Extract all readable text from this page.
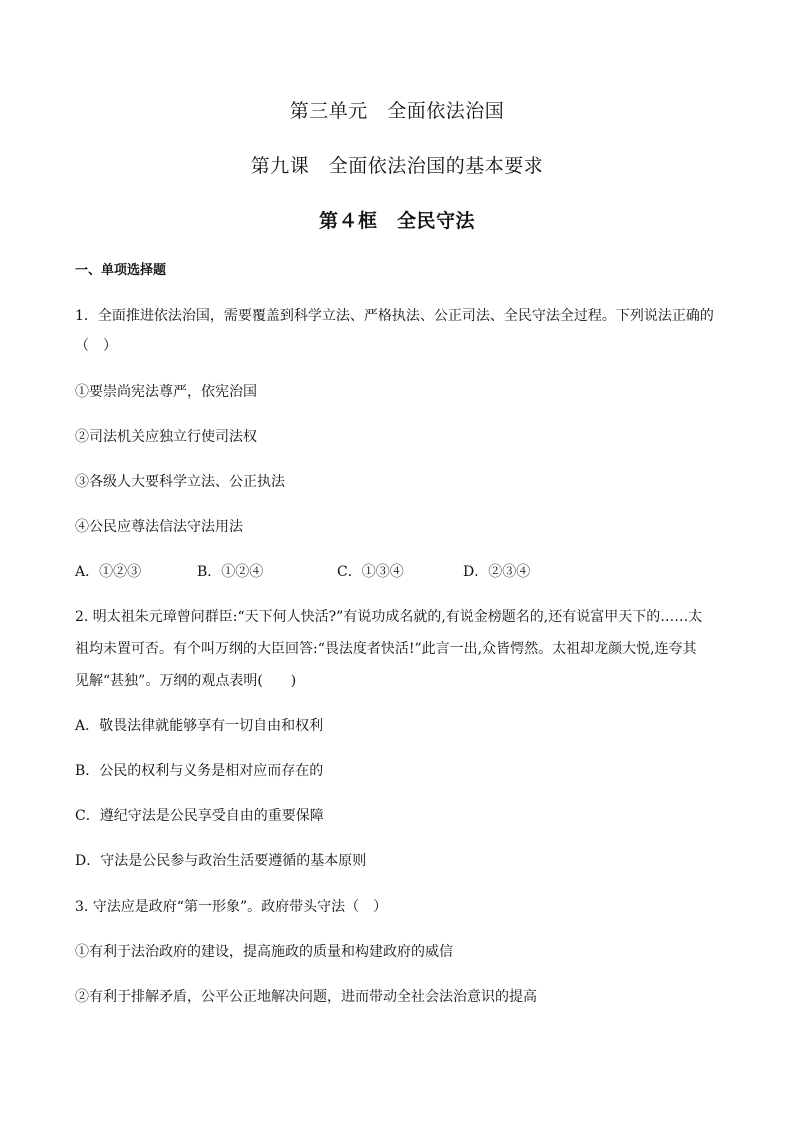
第三单元　全面依法治国
第九课　全面依法治国的基本要求
第４框　全民守法
一、单项选择题
1．全面推进依法治国，需要覆盖到科学立法、严格执法、公正司法、全民守法全过程。下列说法正确的
（　）
①要崇尚宪法尊严，依宪治国
②司法机关应独立行使司法权
③各级人大要科学立法、公正执法
④公民应尊法信法守法用法
A．①②③	B．①②④	C．①③④	D．②③④
2. 明太祖朱元璋曾问群臣:“天下何人快活?”有说功成名就的,有说金榜题名的,还有说富甲天下的……太
祖均未置可否。有个叫万纲的大臣回答:“畏法度者快活!”此言一出,众皆愕然。太祖却龙颜大悦,连夸其
见解“甚独”。万纲的观点表明(　　)
A．敬畏法律就能够享有一切自由和权利
B．公民的权利与义务是相对应而存在的
C．遵纪守法是公民享受自由的重要保障
D．守法是公民参与政治生活要遵循的基本原则
3. 守法应是政府“第一形象”。政府带头守法（　）
①有利于法治政府的建设，提高施政的质量和构建政府的威信
②有利于排解矛盾，公平公正地解决问题，进而带动全社会法治意识的提高
